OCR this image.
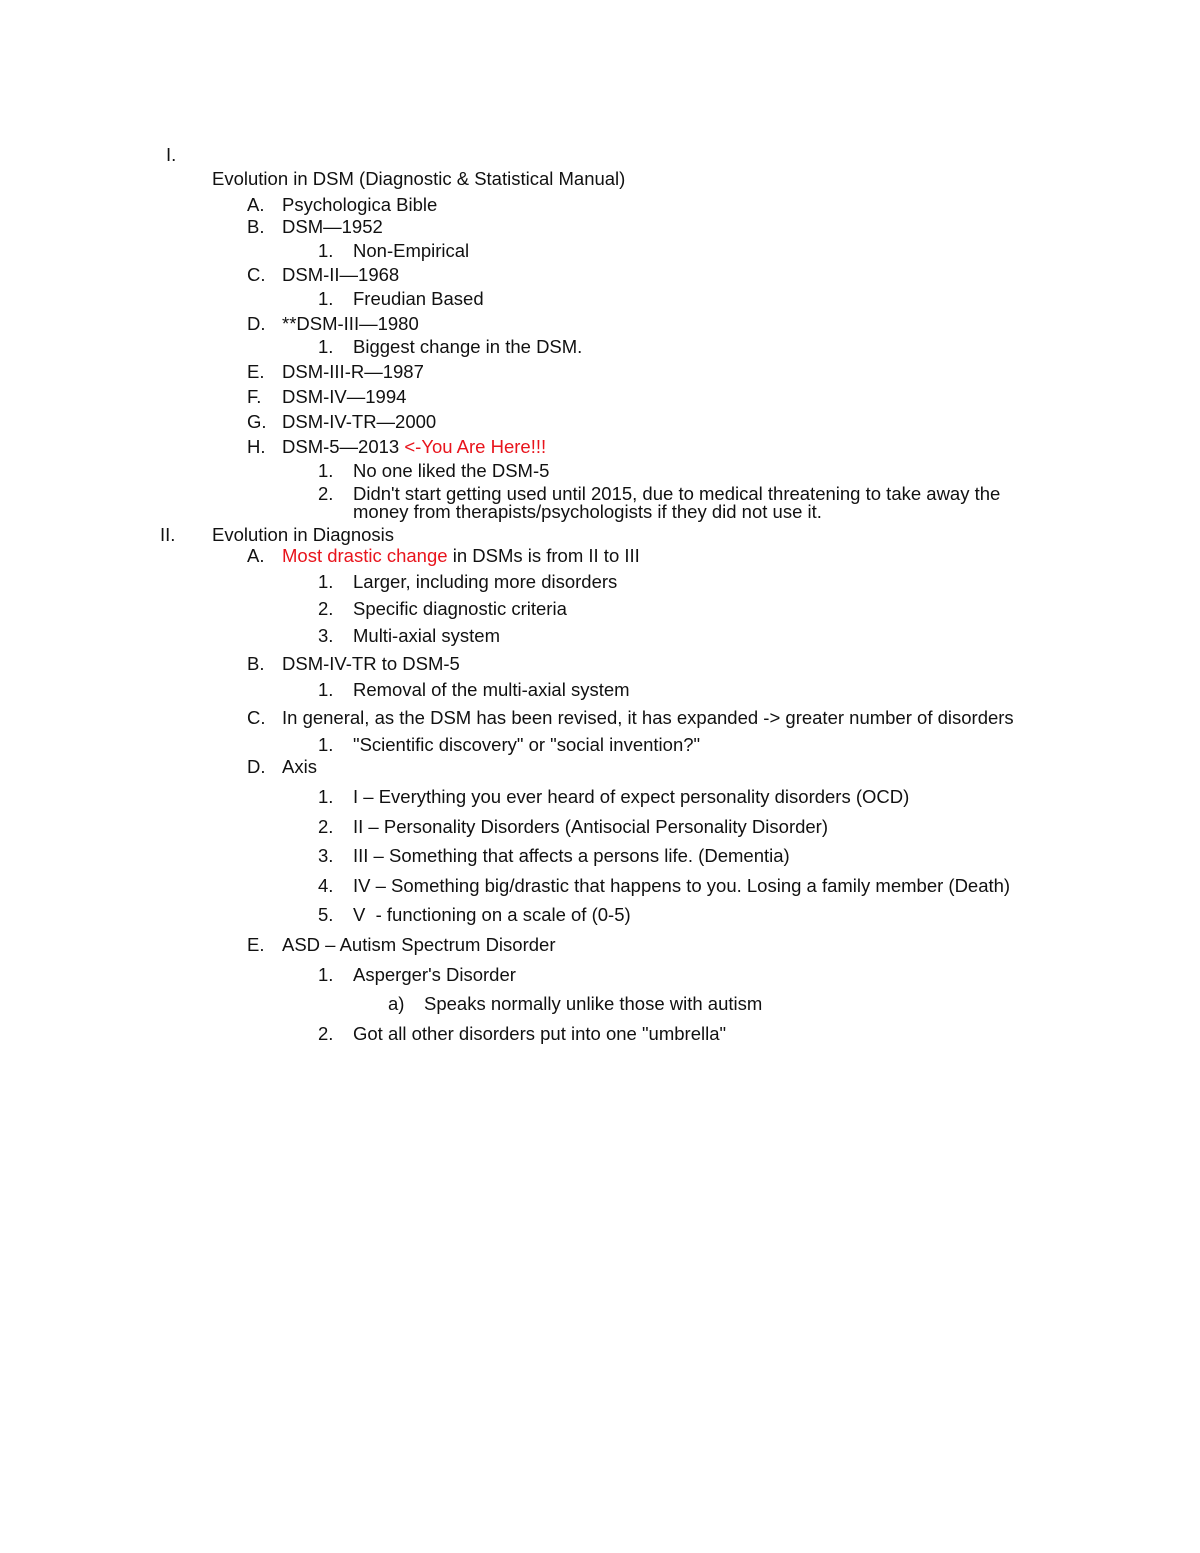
I.
Evolution in DSM (Diagnostic & Statistical Manual)
A. Psychologica Bible
B. DSM—1952
1. Non-Empirical
C. DSM-II—1968
1. Freudian Based
D. **DSM-III—1980
1. Biggest change in the DSM.
E. DSM-III-R—1987
F. DSM-IV—1994
G. DSM-IV-TR—2000
H. DSM-5—2013 <-You Are Here!!!
1. No one liked the DSM-5
2. Didn't start getting used until 2015, due to medical threatening to take away the
money from therapists/psychologists if they did not use it.
II. Evolution in Diagnosis
A. Most drastic change in DSMs is from II to III
1. Larger, including more disorders
2. Specific diagnostic criteria
3. Multi-axial system
B. DSM-IV-TR to DSM-5
1. Removal of the multi-axial system
C. In general, as the DSM has been revised, it has expanded -> greater number of disorders
1. "Scientific discovery" or "social invention?"
D. Axis
1. I – Everything you ever heard of expect personality disorders (OCD)
2. II – Personality Disorders (Antisocial Personality Disorder)
3. III – Something that affects a persons life. (Dementia)
4. IV – Something big/drastic that happens to you. Losing a family member (Death)
5. V  - functioning on a scale of (0-5)
E. ASD – Autism Spectrum Disorder
1. Asperger's Disorder
a) Speaks normally unlike those with autism
2. Got all other disorders put into one "umbrella"
